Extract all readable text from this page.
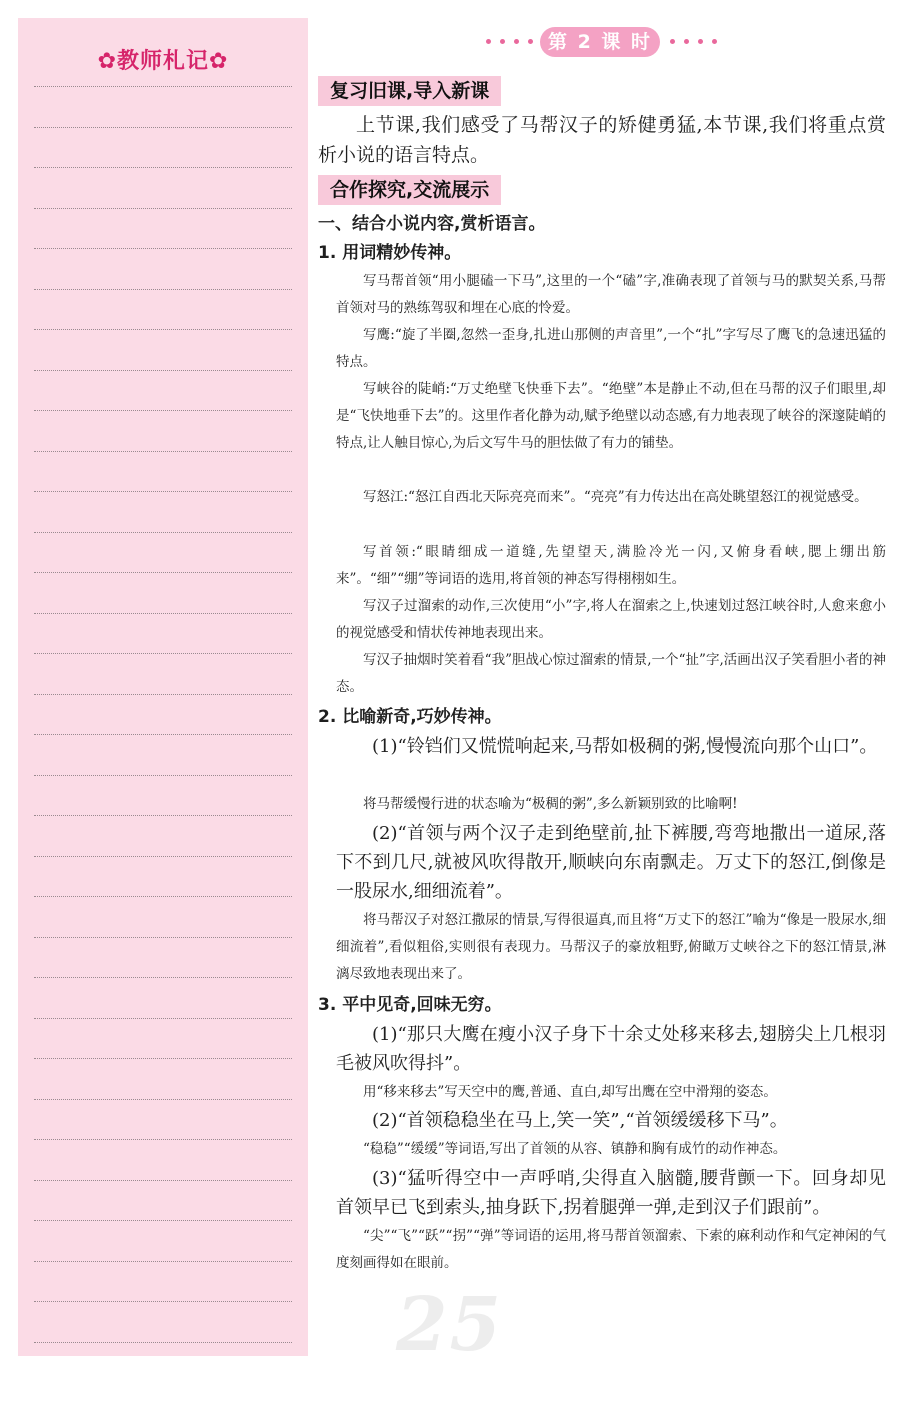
✿教师札记✿
第 2 课 时
复习旧课,导入新课

上节课,我们感受了马帮汉子的矫健勇猛,本节课,我们将重点赏析小说的语言特点。

合作探究,交流展示
一、结合小说内容,赏析语言。
1. 用词精妙传神。

写马帮首领“用小腿磕一下马”,这里的一个“磕”字,准确表现了首领与马的默契关系,马帮首领对马的熟练驾驭和埋在心底的怜爱。

写鹰:“旋了半圈,忽然一歪身,扎进山那侧的声音里”,一个“扎”字写尽了鹰飞的急速迅猛的特点。

写峡谷的陡峭:“万丈绝壁飞快垂下去”。“绝壁”本是静止不动,但在马帮的汉子们眼里,却是“飞快地垂下去”的。这里作者化静为动,赋予绝壁以动态感,有力地表现了峡谷的深邃陡峭的特点,让人触目惊心,为后文写牛马的胆怯做了有力的铺垫。

写怒江:“怒江自西北天际亮亮而来”。“亮亮”有力传达出在高处眺望怒江的视觉感受。

写首领:“眼睛细成一道缝,先望望天,满脸冷光一闪,又俯身看峡,腮上绷出筋来”。“细”“绷”等词语的选用,将首领的神态写得栩栩如生。

写汉子过溜索的动作,三次使用“小”字,将人在溜索之上,快速划过怒江峡谷时,人愈来愈小的视觉感受和情状传神地表现出来。

写汉子抽烟时笑着看“我”胆战心惊过溜索的情景,一个“扯”字,活画出汉子笑看胆小者的神态。

2. 比喻新奇,巧妙传神。

(1)“铃铛们又慌慌响起来,马帮如极稠的粥,慢慢流向那个山口”。

将马帮缓慢行进的状态喻为“极稠的粥”,多么新颖别致的比喻啊!

(2)“首领与两个汉子走到绝壁前,扯下裤腰,弯弯地撒出一道尿,落下不到几尺,就被风吹得散开,顺峡向东南飘走。万丈下的怒江,倒像是一股尿水,细细流着”。

将马帮汉子对怒江撒尿的情景,写得很逼真,而且将“万丈下的怒江”喻为“像是一股尿水,细细流着”,看似粗俗,实则很有表现力。马帮汉子的豪放粗野,俯瞰万丈峡谷之下的怒江情景,淋漓尽致地表现出来了。

3. 平中见奇,回味无穷。

(1)“那只大鹰在瘦小汉子身下十余丈处移来移去,翅膀尖上几根羽毛被风吹得抖”。

用“移来移去”写天空中的鹰,普通、直白,却写出鹰在空中滑翔的姿态。

(2)“首领稳稳坐在马上,笑一笑”,“首领缓缓移下马”。

“稳稳”“缓缓”等词语,写出了首领的从容、镇静和胸有成竹的动作神态。

(3)“猛听得空中一声呼哨,尖得直入脑髓,腰背颤一下。回身却见首领早已飞到索头,抽身跃下,拐着腿弹一弹,走到汉子们跟前”。

“尖”“飞”“跃”“拐”“弹”等词语的运用,将马帮首领溜索、下索的麻利动作和气定神闲的气度刻画得如在眼前。

25
